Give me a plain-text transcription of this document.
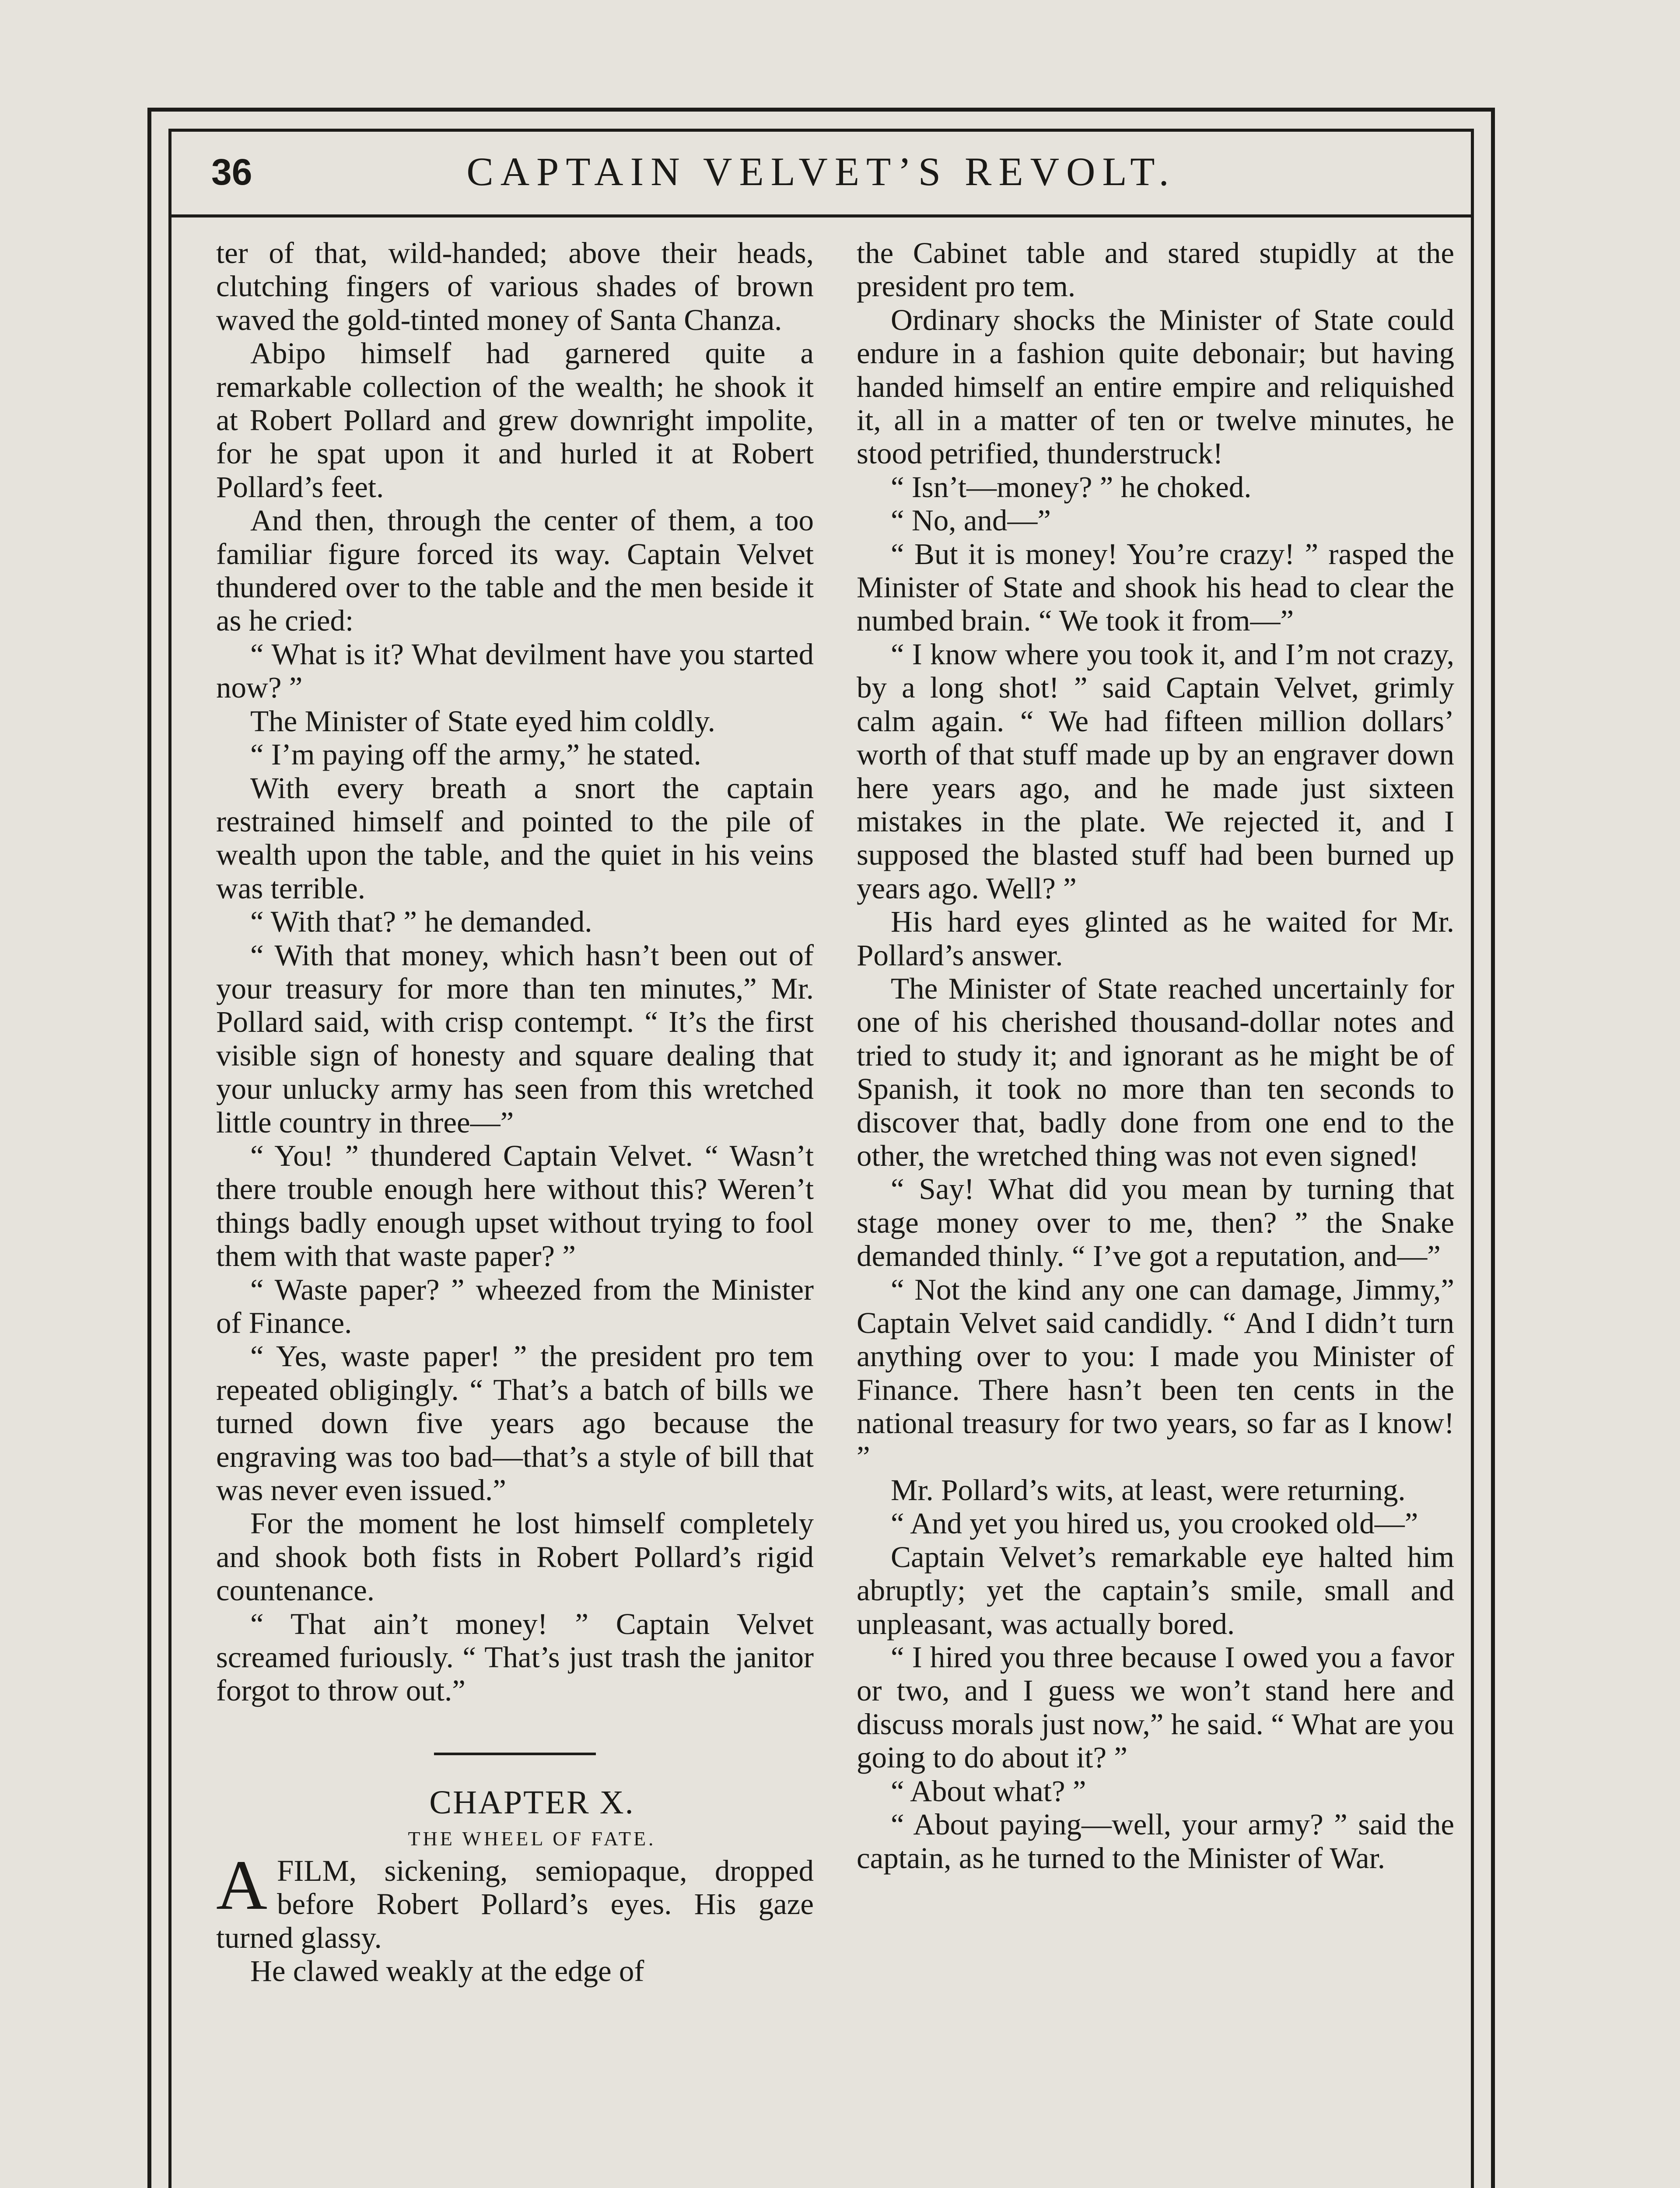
36	CAPTAIN VELVET’S REVOLT.

ter of that, wild-handed; above their heads, clutching fingers of various shades of brown waved the gold-tinted money of Santa Chanza.

Abipo himself had garnered quite a remarkable collection of the wealth; he shook it at Robert Pollard and grew downright impolite, for he spat upon it and hurled it at Robert Pollard’s feet.

And then, through the center of them, a too familiar figure forced its way. Captain Velvet thundered over to the table and the men beside it as he cried:

“ What is it? What devilment have you started now? ”

The Minister of State eyed him coldly.

“ I’m paying off the army,” he stated.

With every breath a snort the captain restrained himself and pointed to the pile of wealth upon the table, and the quiet in his veins was terrible.

“ With that? ” he demanded.

“ With that money, which hasn’t been out of your treasury for more than ten minutes,” Mr. Pollard said, with crisp contempt. “ It’s the first visible sign of honesty and square dealing that your unlucky army has seen from this wretched little country in three—”

“ You! ” thundered Captain Velvet. “ Wasn’t there trouble enough here without this? Weren’t things badly enough upset without trying to fool them with that waste paper? ”

“ Waste paper? ” wheezed from the Minister of Finance.

“ Yes, waste paper! ” the president pro tem repeated obligingly. “ That’s a batch of bills we turned down five years ago because the engraving was too bad—that’s a style of bill that was never even issued.”

For the moment he lost himself completely and shook both fists in Robert Pollard’s rigid countenance.

“ That ain’t money! ” Captain Velvet screamed furiously. “ That’s just trash the janitor forgot to throw out.”

CHAPTER X.

THE WHEEL OF FATE.

A FILM, sickening, semiopaque, dropped before Robert Pollard’s eyes. His gaze turned glassy.

He clawed weakly at the edge of

the Cabinet table and stared stupidly at the president pro tem.

Ordinary shocks the Minister of State could endure in a fashion quite debonair; but having handed himself an entire empire and reliquished it, all in a matter of ten or twelve minutes, he stood petrified, thunderstruck!

“ Isn’t—money? ” he choked.

“ No, and—”

“ But it is money! You’re crazy! ” rasped the Minister of State and shook his head to clear the numbed brain. “ We took it from—”

“ I know where you took it, and I’m not crazy, by a long shot! ” said Captain Velvet, grimly calm again. “ We had fifteen million dollars’ worth of that stuff made up by an engraver down here years ago, and he made just sixteen mistakes in the plate. We rejected it, and I supposed the blasted stuff had been burned up years ago. Well? ”

His hard eyes glinted as he waited for Mr. Pollard’s answer.

The Minister of State reached uncertainly for one of his cherished thousand-dollar notes and tried to study it; and ignorant as he might be of Spanish, it took no more than ten seconds to discover that, badly done from one end to the other, the wretched thing was not even signed!

“ Say! What did you mean by turning that stage money over to me, then? ” the Snake demanded thinly. “ I’ve got a reputation, and—”

“ Not the kind any one can damage, Jimmy,” Captain Velvet said candidly. “ And I didn’t turn anything over to you: I made you Minister of Finance. There hasn’t been ten cents in the national treasury for two years, so far as I know! ”

Mr. Pollard’s wits, at least, were returning.

“ And yet you hired us, you crooked old—”

Captain Velvet’s remarkable eye halted him abruptly; yet the captain’s smile, small and unpleasant, was actually bored.

“ I hired you three because I owed you a favor or two, and I guess we won’t stand here and discuss morals just now,” he said. “ What are you going to do about it? ”

“ About what? ”

“ About paying—well, your army? ” said the captain, as he turned to the Minister of War.
